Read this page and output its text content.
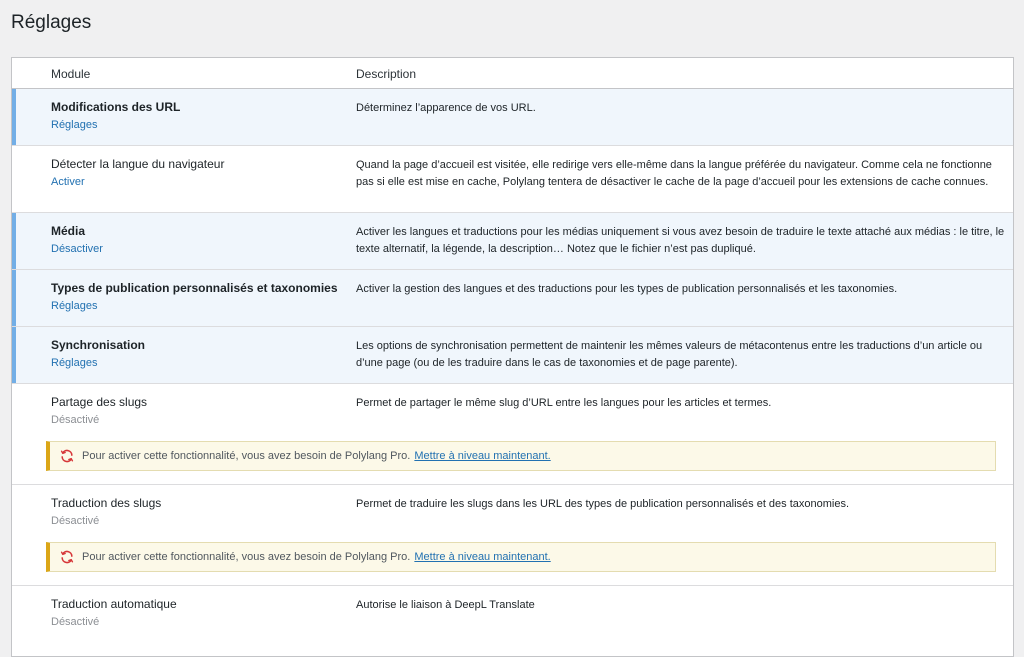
Réglages
Module	Description
Modifications des URL
Réglages
Déterminez l’apparence de vos URL.
Détecter la langue du navigateur
Activer
Quand la page d’accueil est visitée, elle redirige vers elle-même dans la langue préférée du navigateur. Comme cela ne fonctionne pas si elle est mise en cache, Polylang tentera de désactiver le cache de la page d’accueil pour les extensions de cache connues.
Média
Désactiver
Activer les langues et traductions pour les médias uniquement si vous avez besoin de traduire le texte attaché aux médias : le titre, le texte alternatif, la légende, la description… Notez que le fichier n’est pas dupliqué.
Types de publication personnalisés et taxonomies
Réglages
Activer la gestion des langues et des traductions pour les types de publication personnalisés et les taxonomies.
Synchronisation
Réglages
Les options de synchronisation permettent de maintenir les mêmes valeurs de métacontenus entre les traductions d’un article ou d’une page (ou de les traduire dans le cas de taxonomies et de page parente).
Partage des slugs
Désactivé
Permet de partager le même slug d’URL entre les langues pour les articles et termes.
Pour activer cette fonctionnalité, vous avez besoin de Polylang Pro. Mettre à niveau maintenant.
Traduction des slugs
Désactivé
Permet de traduire les slugs dans les URL des types de publication personnalisés et des taxonomies.
Pour activer cette fonctionnalité, vous avez besoin de Polylang Pro. Mettre à niveau maintenant.
Traduction automatique
Désactivé
Autorise le liaison à DeepL Translate
